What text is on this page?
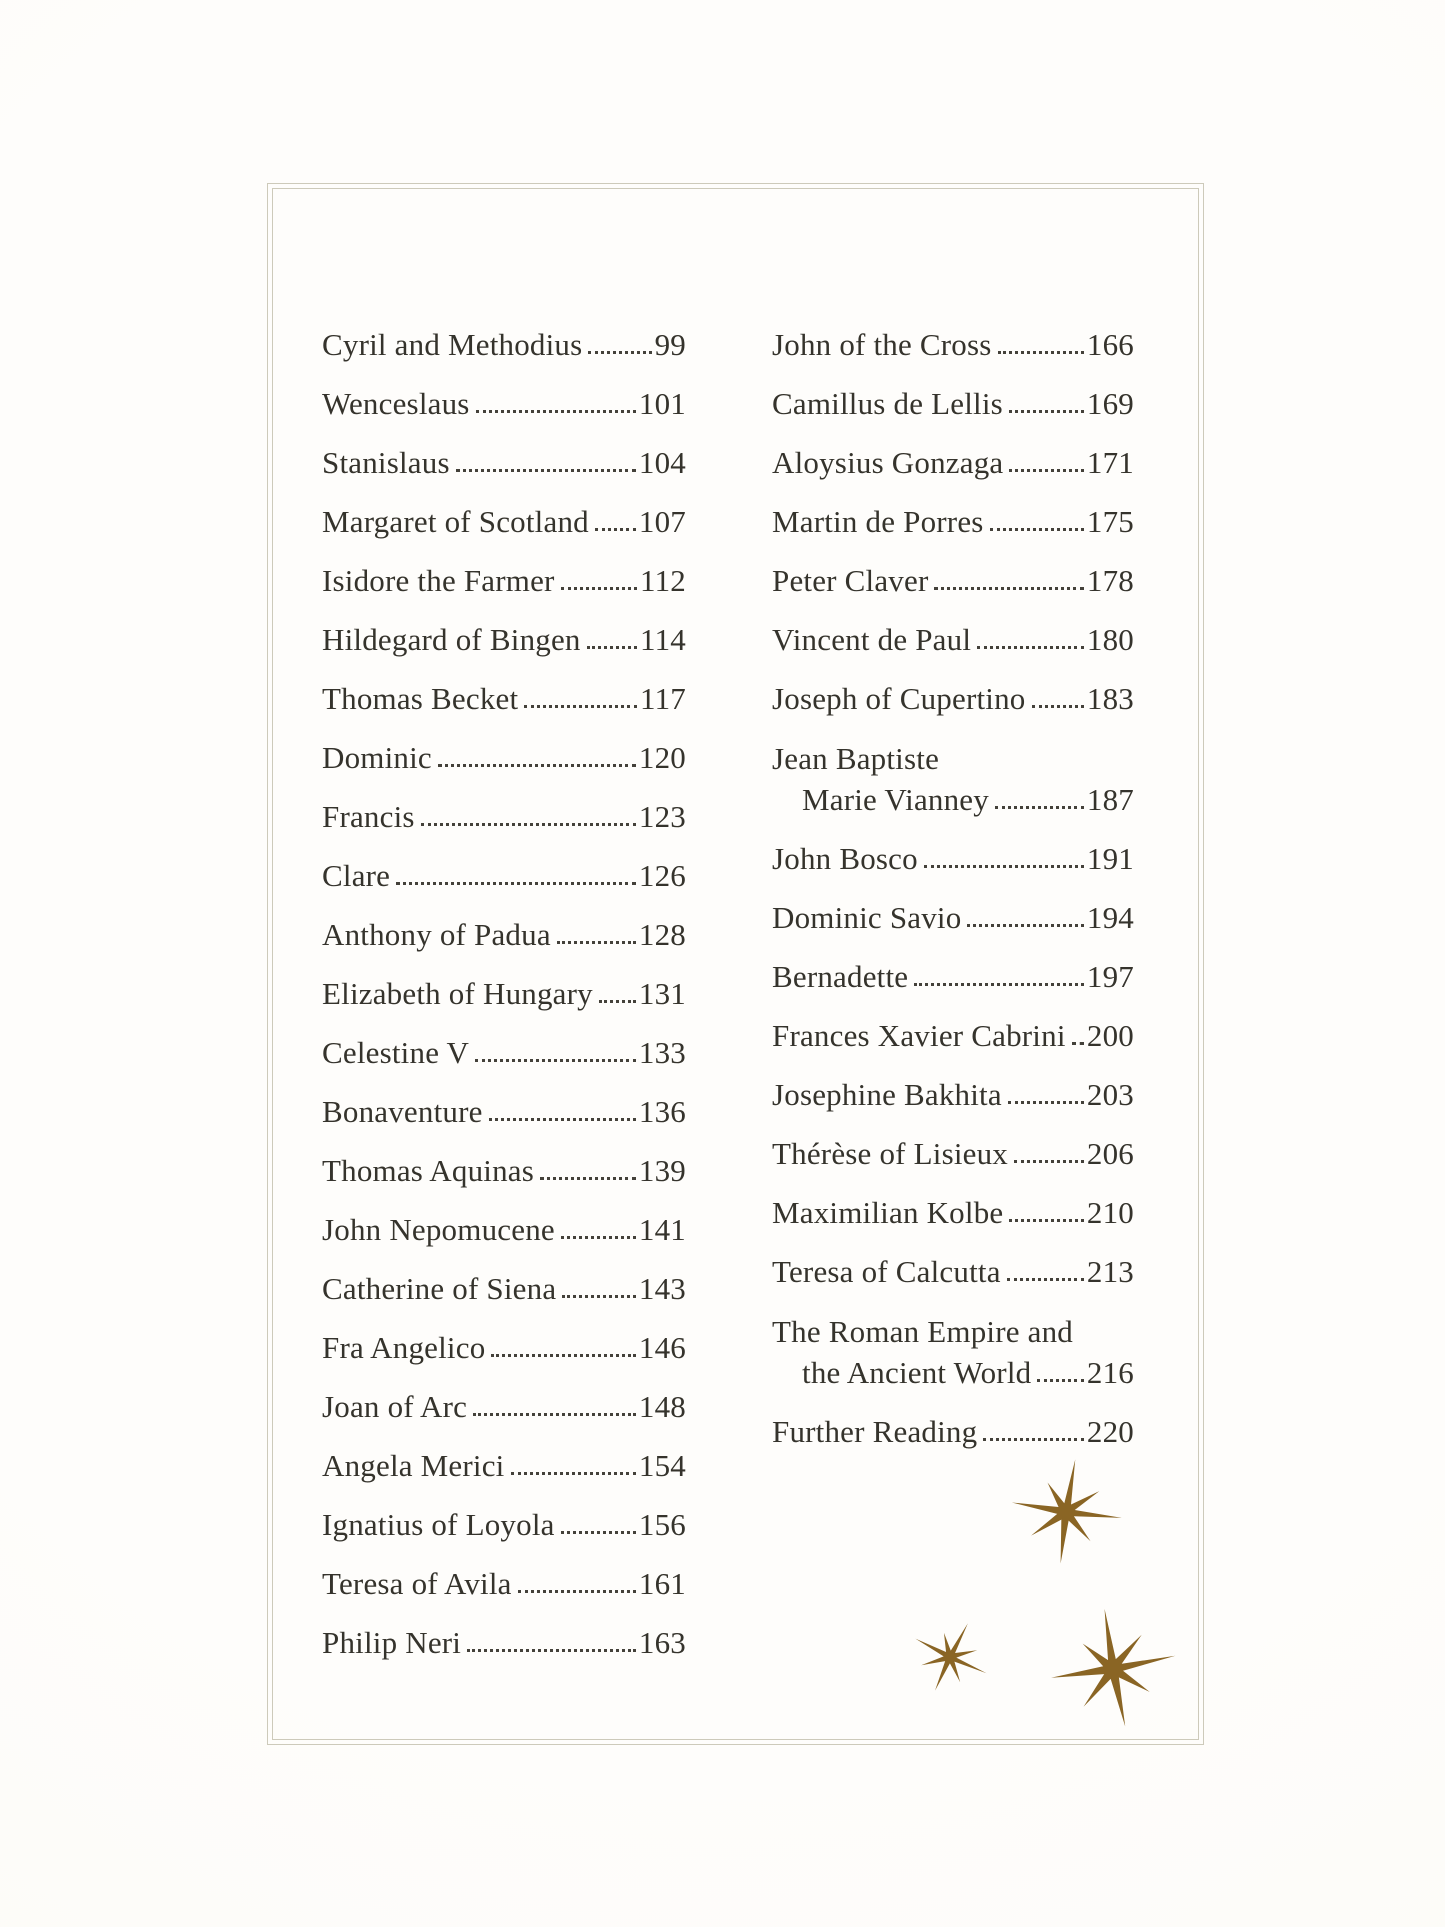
Cyril and Methodius 99
Wenceslaus	101
Stanislaus	104
Margaret of Scotland 107
Isidore the Farmer	112
Hildegard of Bingen 114
Thomas Becket	117
Dominic	120
Francis	123
Clare	126
Anthony of Padua	128
Elizabeth of Hungary 131
Celestine V	133
Bonaventure	136
Thomas Aquinas	139
John Nepomucene	141
Catherine of Siena	143
Fra Angelico	146
Joan of Arc	148
Angela Merici	154
Ignatius of Loyola	156
Teresa of Avila	161
Philip Neri	163
John of the Cross	166
Camillus de Lellis	169
Aloysius Gonzaga	171
Martin de Porres	175
Peter Claver	178
Vincent de Paul	180
Joseph of Cupertino 183
Jean Baptiste
Marie Vianney	187
John Bosco	191
Dominic Savio	194
Bernadette	197
Frances Xavier Cabrini 200
Josephine Bakhita	203
Thérèse of Lisieux	206
Maximilian Kolbe	210
Teresa of Calcutta	213
The Roman Empire and
the Ancient World 216
Further Reading	220
